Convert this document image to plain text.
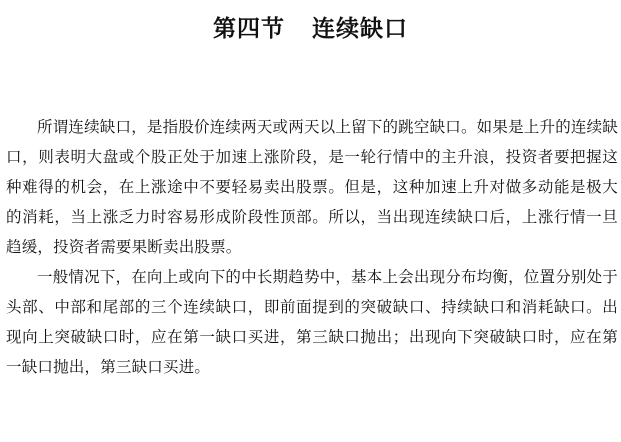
第四节   连续缺口

所谓连续缺口，是指股价连续两天或两天以上留下的跳空缺口。如果是上升的连续缺口，则表明大盘或个股正处于加速上涨阶段，是一轮行情中的主升浪，投资者要把握这种难得的机会，在上涨途中不要轻易卖出股票。但是，这种加速上升对做多动能是极大的消耗，当上涨乏力时容易形成阶段性顶部。所以，当出现连续缺口后，上涨行情一旦趋缓，投资者需要果断卖出股票。

一般情况下，在向上或向下的中长期趋势中，基本上会出现分布均衡，位置分别处于头部、中部和尾部的三个连续缺口，即前面提到的突破缺口、持续缺口和消耗缺口。出现向上突破缺口时，应在第一缺口买进，第三缺口抛出；出现向下突破缺口时，应在第一缺口抛出，第三缺口买进。
